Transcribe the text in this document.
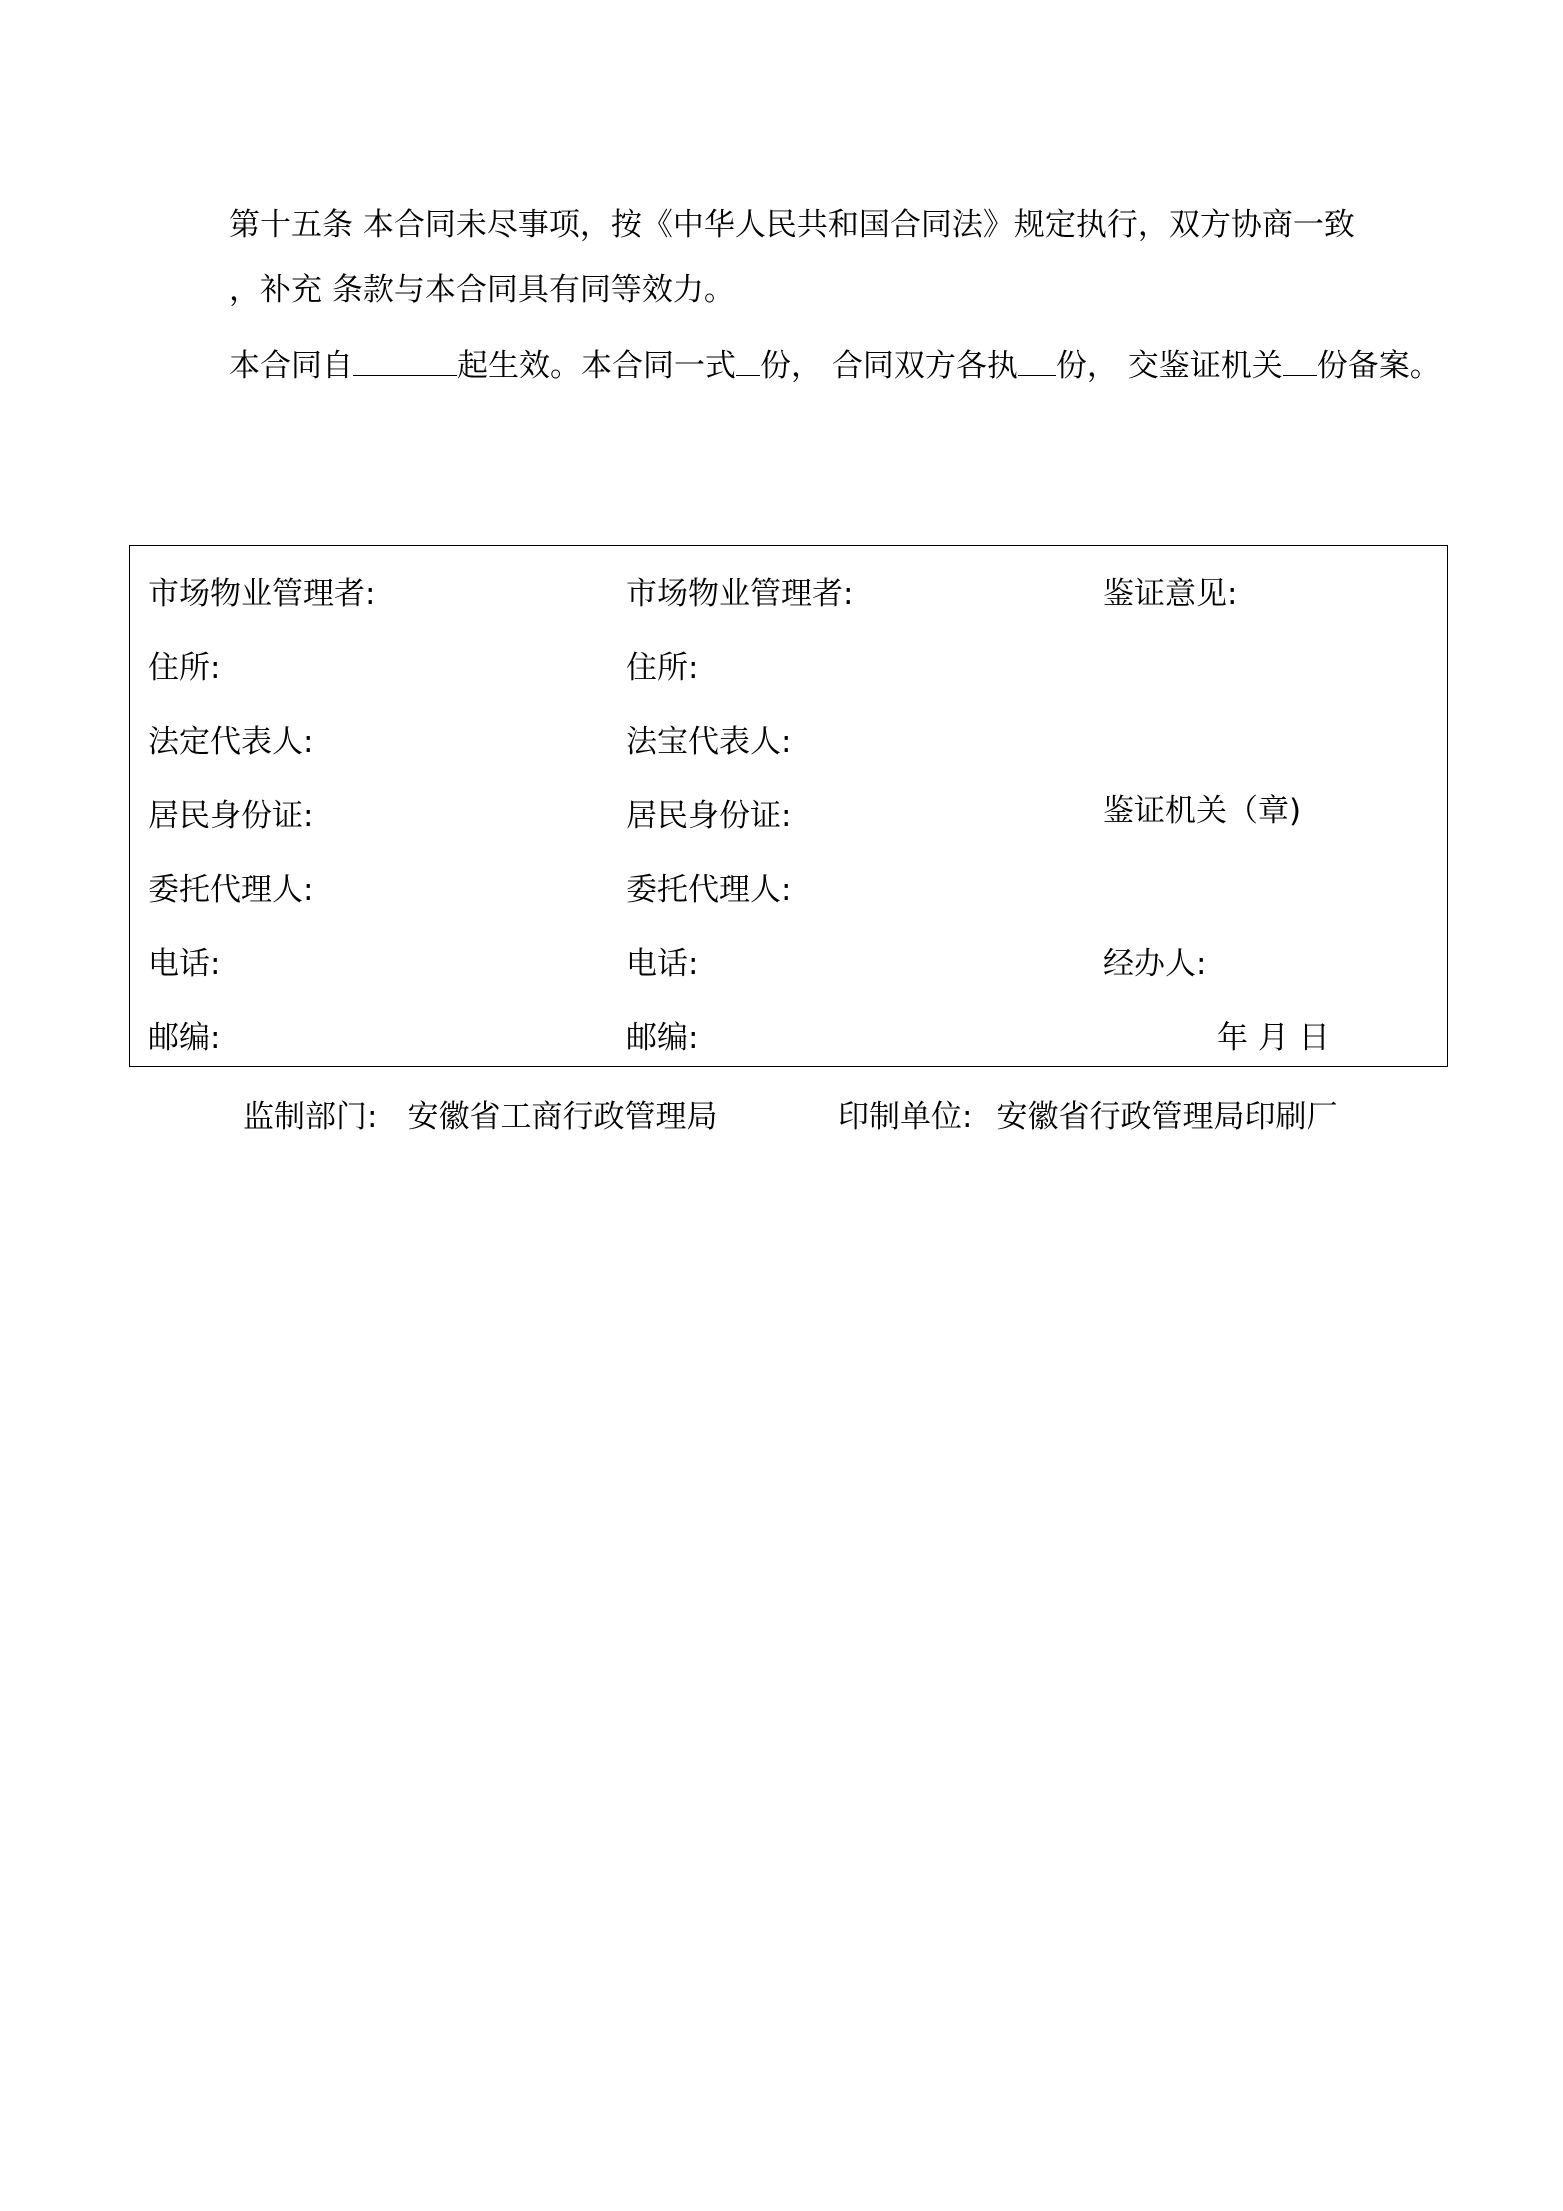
第十五条 本合同未尽事项，按《中华人民共和国合同法》规定执行，双方协商一致

，补充 条款与本合同具有同等效力。

本合同自	起生效。本合同一式 份， 合同双方各执 份， 交鉴证机关 份备案。

市场物业管理者:
住所:
法定代表人:
居民身份证:
委托代理人:
电话:
邮编:
市场物业管理者:
住所:
法宝代表人:
居民身份证:
委托代理人:
电话:
邮编:
鉴证意见:
鉴证机关（章)
经办人:
年 月 日
监制部门: 安徽省工商行政管理局	印制单位: 安徽省行政管理局印刷厂
